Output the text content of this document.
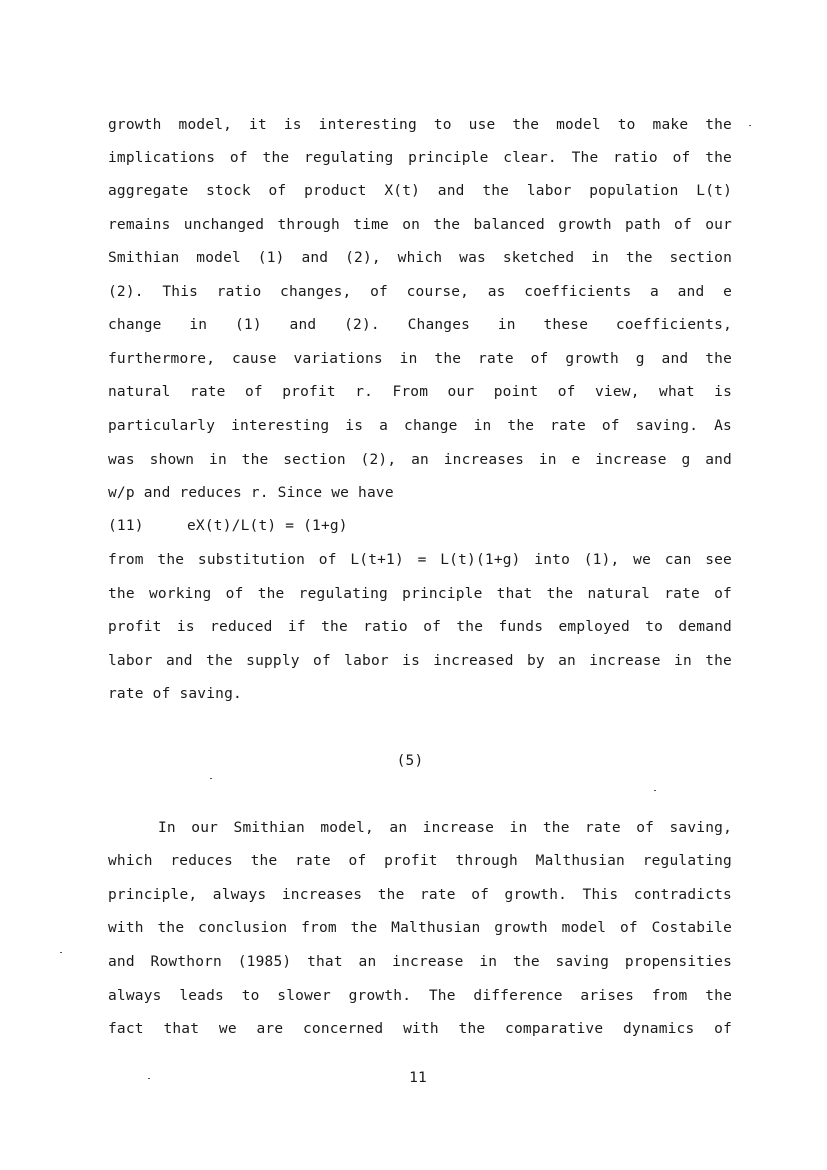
growth model, it is interesting to use the model to make the
implications of the regulating principle clear. The ratio of the
aggregate stock of product X(t) and the labor population L(t)
remains unchanged through time on the balanced growth path of our
Smithian model (1) and (2), which was sketched in the section
(2). This ratio changes, of course, as coefficients a and e
change in (1) and (2). Changes in these coefficients,
furthermore, cause variations in the rate of growth g and the
natural rate of profit r. From our point of view, what is
particularly interesting is a change in the rate of saving. As
was shown in the section (2), an increases in e increase g and
w/p and reduces r. Since we have
(11)	eX(t)/L(t) = (1+g)
from the substitution of L(t+1) = L(t)(1+g) into (1), we can see
the working of the regulating principle that the natural rate of
profit is reduced if the ratio of the funds employed to demand
labor and the supply of labor is increased by an increase in the
rate of saving.
(5)
In our Smithian model, an increase in the rate of saving,
which reduces the rate of profit through Malthusian regulating
principle, always increases the rate of growth. This contradicts
with the conclusion from the Malthusian growth model of Costabile
and Rowthorn (1985) that an increase in the saving propensities
always leads to slower growth. The difference arises from the
fact that we are concerned with the comparative dynamics of
11
